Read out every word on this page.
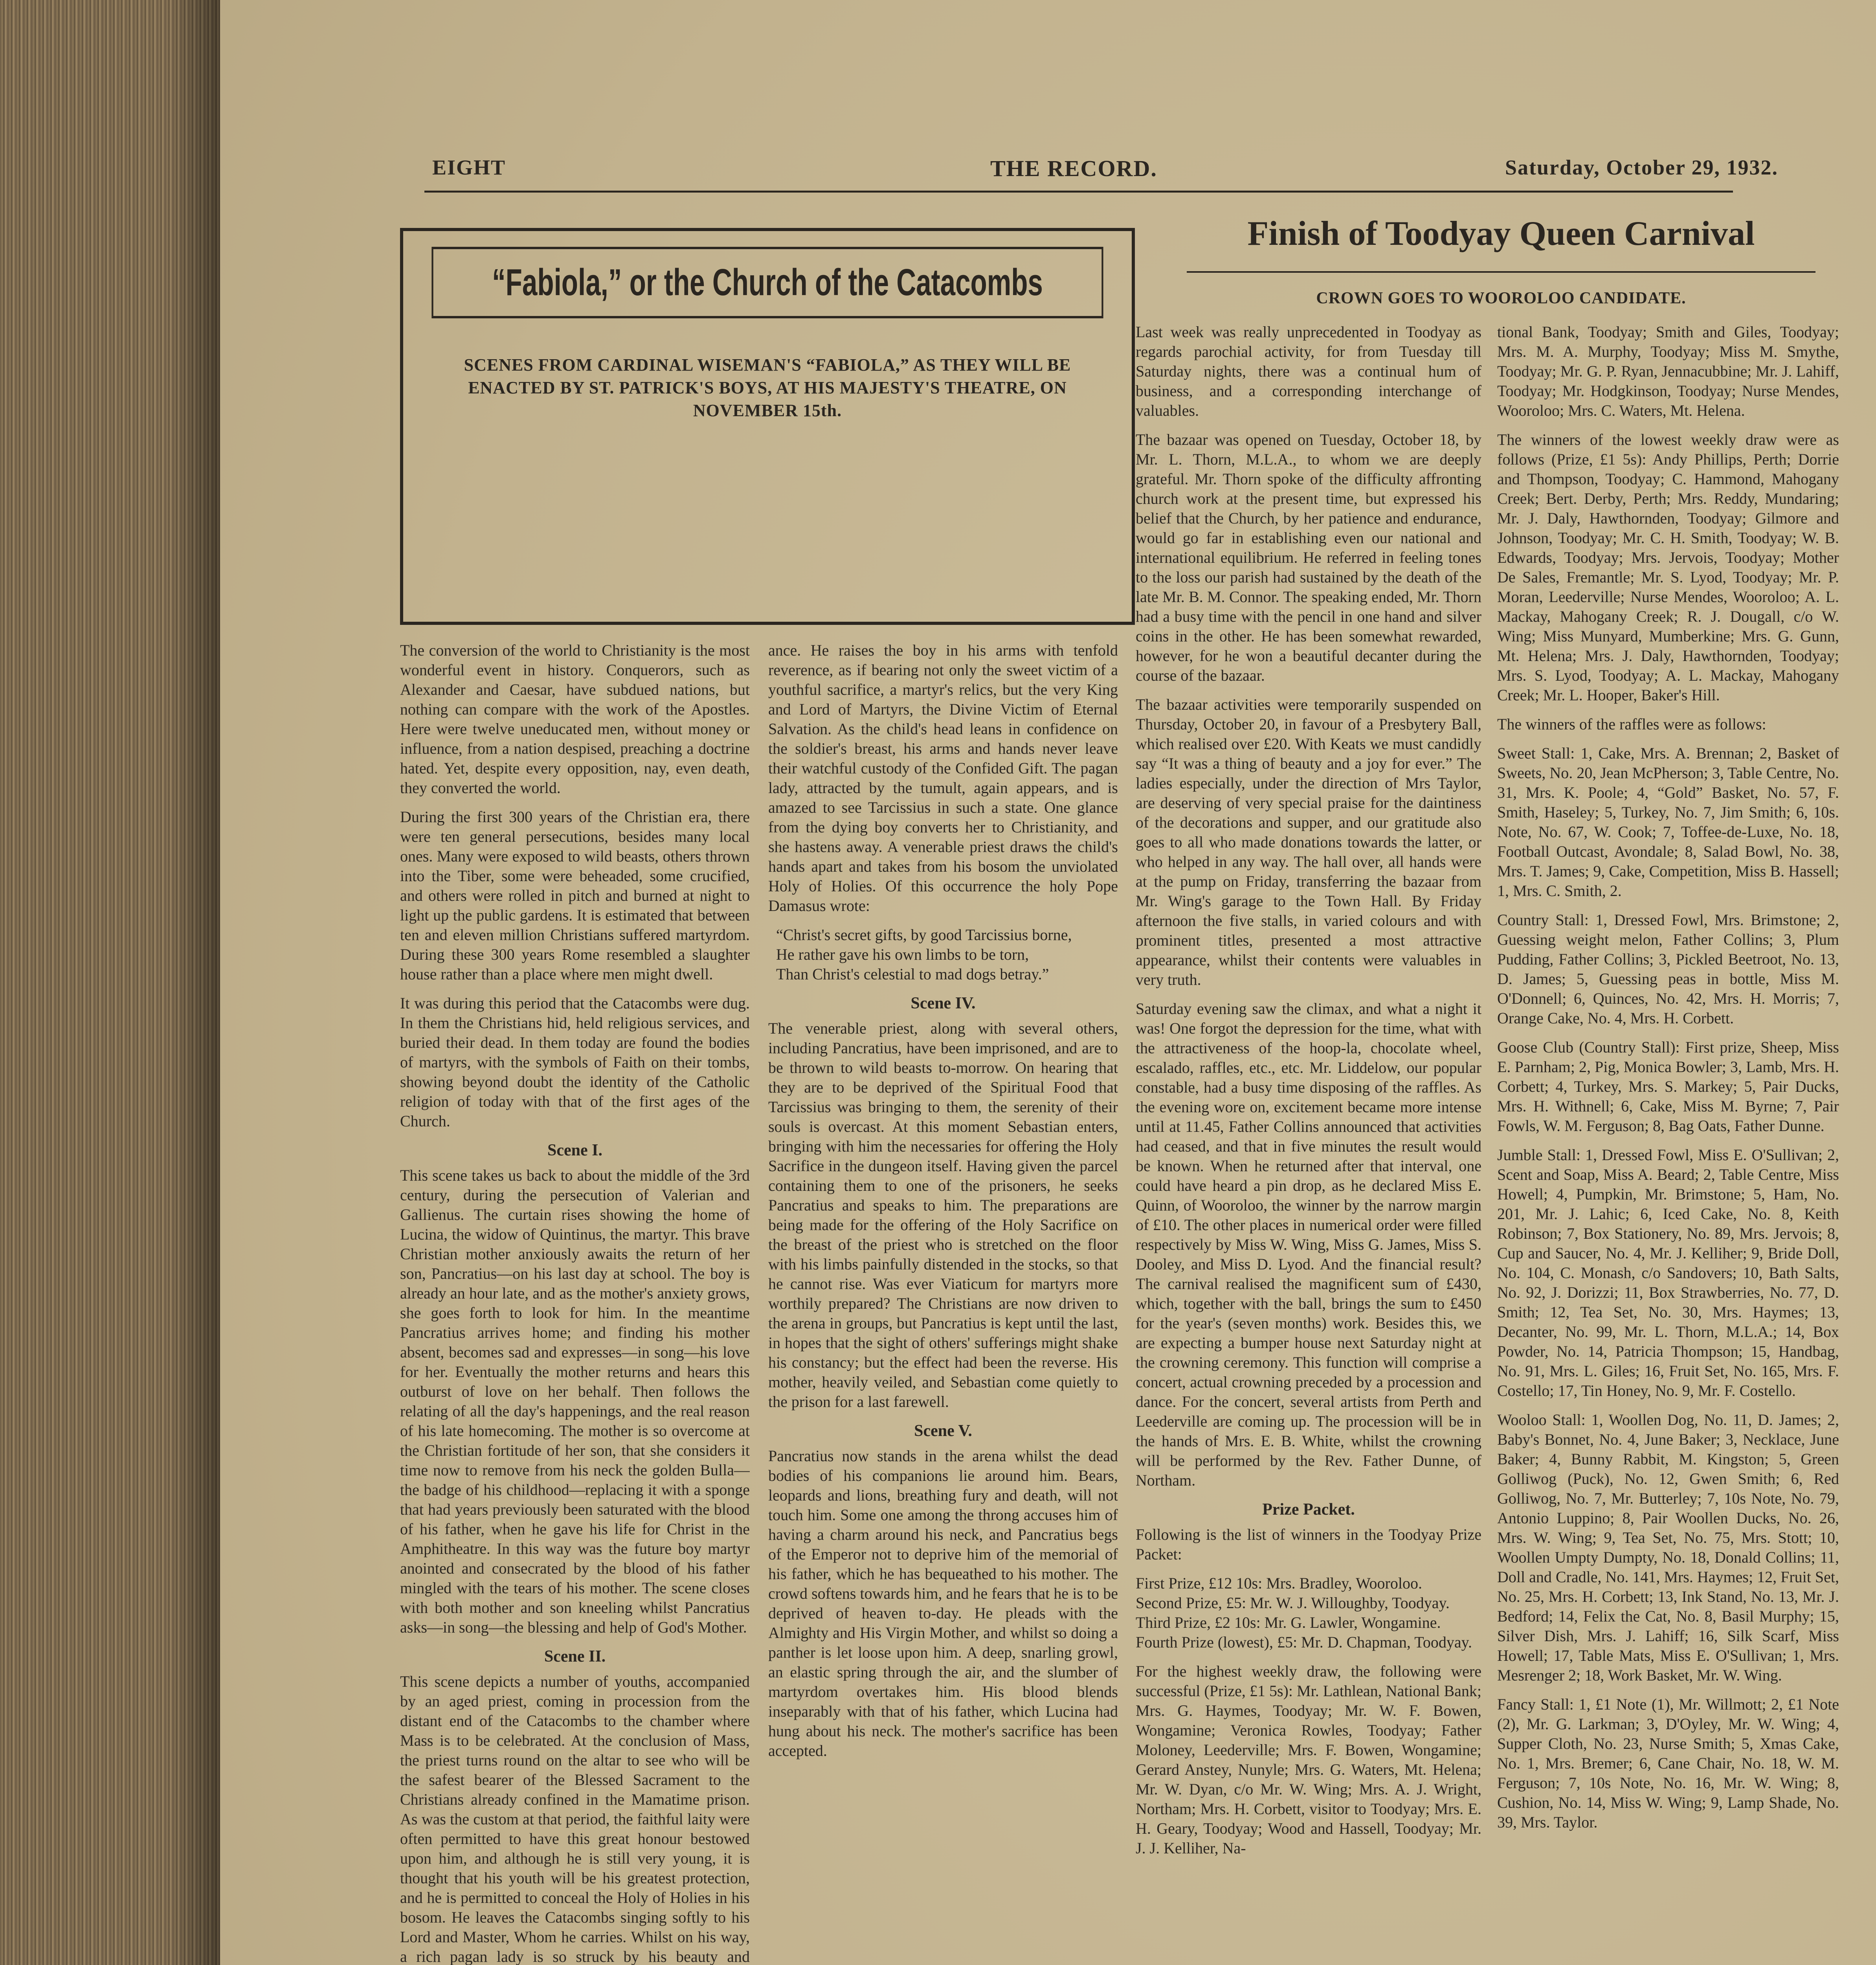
EIGHT	THE RECORD.	Saturday, October 29, 1932.
“Fabiola,” or the Church of the Catacombs
SCENES FROM CARDINAL WISEMAN'S “FABIOLA,” AS THEY WILL BE ENACTED BY ST. PATRICK'S BOYS, AT HIS MAJESTY'S THEATRE, ON NOVEMBER 15th.

The conversion of the world to Christianity is the most wonderful event in history. Conquerors, such as Alexander and Caesar, have subdued nations, but nothing can compare with the work of the Apostles. Here were twelve uneducated men, without money or influence, from a nation despised, preaching a doctrine hated. Yet, despite every opposition, nay, even death, they converted the world.

During the first 300 years of the Christian era, there were ten general persecutions, besides many local ones. Many were exposed to wild beasts, others thrown into the Tiber, some were beheaded, some crucified, and others were rolled in pitch and burned at night to light up the public gardens. It is estimated that between ten and eleven million Christians suffered martyrdom. During these 300 years Rome resembled a slaughter house rather than a place where men might dwell.

It was during this period that the Catacombs were dug. In them the Christians hid, held religious services, and buried their dead. In them today are found the bodies of martyrs, with the symbols of Faith on their tombs, showing beyond doubt the identity of the Catholic religion of today with that of the first ages of the Church.

Scene I.

This scene takes us back to about the middle of the 3rd century, during the persecution of Valerian and Gallienus. The curtain rises showing the home of Lucina, the widow of Quintinus, the martyr. This brave Christian mother anxiously awaits the return of her son, Pancratius—on his last day at school. The boy is already an hour late, and as the mother's anxiety grows, she goes forth to look for him. In the meantime Pancratius arrives home; and finding his mother absent, becomes sad and expresses—in song—his love for her. Eventually the mother returns and hears this outburst of love on her behalf. Then follows the relating of all the day's happenings, and the real reason of his late homecoming. The mother is so overcome at the Christian fortitude of her son, that she considers it time now to remove from his neck the golden Bulla—the badge of his childhood—replacing it with a sponge that had years previously been saturated with the blood of his father, when he gave his life for Christ in the Amphitheatre. In this way was the future boy martyr anointed and consecrated by the blood of his father mingled with the tears of his mother. The scene closes with both mother and son kneeling whilst Pancratius asks—in song—the blessing and help of God's Mother.

Scene II.

This scene depicts a number of youths, accompanied by an aged priest, coming in procession from the distant end of the Catacombs to the chamber where Mass is to be celebrated. At the conclusion of Mass, the priest turns round on the altar to see who will be the safest bearer of the Blessed Sacrament to the Christians already confined in the Mamatime prison. As was the custom at that period, the faithful laity were often permitted to have this great honour bestowed upon him, and although he is still very young, it is thought that his youth will be his greatest protection, and he is permitted to conceal the Holy of Holies in his bosom. He leaves the Catacombs singing softly to his Lord and Master, Whom he carries. Whilst on his way, a rich pagan lady is so struck by his beauty and

ance. He raises the boy in his arms with tenfold reverence, as if bearing not only the sweet victim of a youthful sacrifice, a martyr's relics, but the very King and Lord of Martyrs, the Divine Victim of Eternal Salvation. As the child's head leans in confidence on the soldier's breast, his arms and hands never leave their watchful custody of the Confided Gift. The pagan lady, attracted by the tumult, again appears, and is amazed to see Tarcissius in such a state. One glance from the dying boy converts her to Christianity, and she hastens away. A venerable priest draws the child's hands apart and takes from his bosom the unviolated Holy of Holies. Of this occurrence the holy Pope Damasus wrote:

“Christ's secret gifts, by good Tarcissius borne,
He rather gave his own limbs to be torn,
Than Christ's celestial to mad dogs betray.”
Scene IV.

The venerable priest, along with several others, including Pancratius, have been imprisoned, and are to be thrown to wild beasts to-morrow. On hearing that they are to be deprived of the Spiritual Food that Tarcissius was bringing to them, the serenity of their souls is overcast. At this moment Sebastian enters, bringing with him the necessaries for offering the Holy Sacrifice in the dungeon itself. Having given the parcel containing them to one of the prisoners, he seeks Pancratius and speaks to him. The preparations are being made for the offering of the Holy Sacrifice on the breast of the priest who is stretched on the floor with his limbs painfully distended in the stocks, so that he cannot rise. Was ever Viaticum for martyrs more worthily prepared? The Christians are now driven to the arena in groups, but Pancratius is kept until the last, in hopes that the sight of others' sufferings might shake his constancy; but the effect had been the reverse. His mother, heavily veiled, and Sebastian come quietly to the prison for a last farewell.

Scene V.

Pancratius now stands in the arena whilst the dead bodies of his companions lie around him. Bears, leopards and lions, breathing fury and death, will not touch him. Some one among the throng accuses him of having a charm around his neck, and Pancratius begs of the Emperor not to deprive him of the memorial of his father, which he has bequeathed to his mother. The crowd softens towards him, and he fears that he is to be deprived of heaven to-day. He pleads with the Almighty and His Virgin Mother, and whilst so doing a panther is let loose upon him. A deep, snarling growl, an elastic spring through the air, and the slumber of martyrdom overtakes him. His blood blends inseparably with that of his father, which Lucina had hung about his neck. The mother's sacrifice has been accepted.

Finish of Toodyay Queen Carnival
CROWN GOES TO WOOROLOO CANDIDATE.

Last week was really unprecedented in Toodyay as regards parochial activity, for from Tuesday till Saturday nights, there was a continual hum of business, and a corresponding interchange of valuables.

The bazaar was opened on Tuesday, October 18, by Mr. L. Thorn, M.L.A., to whom we are deeply grateful. Mr. Thorn spoke of the difficulty affronting church work at the present time, but expressed his belief that the Church, by her patience and endurance, would go far in establishing even our national and international equilibrium. He referred in feeling tones to the loss our parish had sustained by the death of the late Mr. B. M. Connor. The speaking ended, Mr. Thorn had a busy time with the pencil in one hand and silver coins in the other. He has been somewhat rewarded, however, for he won a beautiful decanter during the course of the bazaar.

The bazaar activities were temporarily suspended on Thursday, October 20, in favour of a Presbytery Ball, which realised over £20. With Keats we must candidly say “It was a thing of beauty and a joy for ever.” The ladies especially, under the direction of Mrs Taylor, are deserving of very special praise for the daintiness of the decorations and supper, and our gratitude also goes to all who made donations towards the latter, or who helped in any way. The hall over, all hands were at the pump on Friday, transferring the bazaar from Mr. Wing's garage to the Town Hall. By Friday afternoon the five stalls, in varied colours and with prominent titles, presented a most attractive appearance, whilst their contents were valuables in very truth.

Saturday evening saw the climax, and what a night it was! One forgot the depression for the time, what with the attractiveness of the hoop-la, chocolate wheel, escalado, raffles, etc., etc. Mr. Liddelow, our popular constable, had a busy time disposing of the raffles. As the evening wore on, excitement became more intense until at 11.45, Father Collins announced that activities had ceased, and that in five minutes the result would be known. When he returned after that interval, one could have heard a pin drop, as he declared Miss E. Quinn, of Wooroloo, the winner by the narrow margin of £10. The other places in numerical order were filled respectively by Miss W. Wing, Miss G. James, Miss S. Dooley, and Miss D. Lyod. And the financial result? The carnival realised the magnificent sum of £430, which, together with the ball, brings the sum to £450 for the year's (seven months) work. Besides this, we are expecting a bumper house next Saturday night at the crowning ceremony. This function will comprise a concert, actual crowning preceded by a procession and dance. For the concert, several artists from Perth and Leederville are coming up. The procession will be in the hands of Mrs. E. B. White, whilst the crowning will be performed by the Rev. Father Dunne, of Northam.

Prize Packet.

Following is the list of winners in the Toodyay Prize Packet:

First Prize, £12 10s: Mrs. Bradley, Wooroloo.
Second Prize, £5: Mr. W. J. Willoughby, Toodyay.
Third Prize, £2 10s: Mr. G. Lawler, Wongamine.
Fourth Prize (lowest), £5: Mr. D. Chapman, Toodyay.

For the highest weekly draw, the following were successful (Prize, £1 5s): Mr. Lathlean, National Bank; Mrs. G. Haymes, Toodyay; Mr. W. F. Bowen, Wongamine; Veronica Rowles, Toodyay; Father Moloney, Leederville; Mrs. F. Bowen, Wongamine; Gerard Anstey, Nunyle; Mrs. G. Waters, Mt. Helena; Mr. W. Dyan, c/o Mr. W. Wing; Mrs. A. J. Wright, Northam; Mrs. H. Corbett, visitor to Toodyay; Mrs. E. H. Geary, Toodyay; Wood and Hassell, Toodyay; Mr. J. J. Kelliher, Na-

tional Bank, Toodyay; Smith and Giles, Toodyay; Mrs. M. A. Murphy, Toodyay; Miss M. Smythe, Toodyay; Mr. G. P. Ryan, Jennacubbine; Mr. J. Lahiff, Toodyay; Mr. Hodgkinson, Toodyay; Nurse Mendes, Wooroloo; Mrs. C. Waters, Mt. Helena.

The winners of the lowest weekly draw were as follows (Prize, £1 5s): Andy Phillips, Perth; Dorrie and Thompson, Toodyay; C. Hammond, Mahogany Creek; Bert. Derby, Perth; Mrs. Reddy, Mundaring; Mr. J. Daly, Hawthornden, Toodyay; Gilmore and Johnson, Toodyay; Mr. C. H. Smith, Toodyay; W. B. Edwards, Toodyay; Mrs. Jervois, Toodyay; Mother De Sales, Fremantle; Mr. S. Lyod, Toodyay; Mr. P. Moran, Leederville; Nurse Mendes, Wooroloo; A. L. Mackay, Mahogany Creek; R. J. Dougall, c/o W. Wing; Miss Munyard, Mumberkine; Mrs. G. Gunn, Mt. Helena; Mrs. J. Daly, Hawthornden, Toodyay; Mrs. S. Lyod, Toodyay; A. L. Mackay, Mahogany Creek; Mr. L. Hooper, Baker's Hill.

The winners of the raffles were as follows:

Sweet Stall: 1, Cake, Mrs. A. Brennan; 2, Basket of Sweets, No. 20, Jean McPherson; 3, Table Centre, No. 31, Mrs. K. Poole; 4, “Gold” Basket, No. 57, F. Smith, Haseley; 5, Turkey, No. 7, Jim Smith; 6, 10s. Note, No. 67, W. Cook; 7, Toffee-de-Luxe, No. 18, Football Outcast, Avondale; 8, Salad Bowl, No. 38, Mrs. T. James; 9, Cake, Competition, Miss B. Hassell; 1, Mrs. C. Smith, 2.

Country Stall: 1, Dressed Fowl, Mrs. Brimstone; 2, Guessing weight melon, Father Collins; 3, Plum Pudding, Father Collins; 3, Pickled Beetroot, No. 13, D. James; 5, Guessing peas in bottle, Miss M. O'Donnell; 6, Quinces, No. 42, Mrs. H. Morris; 7, Orange Cake, No. 4, Mrs. H. Corbett.

Goose Club (Country Stall): First prize, Sheep, Miss E. Parnham; 2, Pig, Monica Bowler; 3, Lamb, Mrs. H. Corbett; 4, Turkey, Mrs. S. Markey; 5, Pair Ducks, Mrs. H. Withnell; 6, Cake, Miss M. Byrne; 7, Pair Fowls, W. M. Ferguson; 8, Bag Oats, Father Dunne.

Jumble Stall: 1, Dressed Fowl, Miss E. O'Sullivan; 2, Scent and Soap, Miss A. Beard; 2, Table Centre, Miss Howell; 4, Pumpkin, Mr. Brimstone; 5, Ham, No. 201, Mr. J. Lahic; 6, Iced Cake, No. 8, Keith Robinson; 7, Box Stationery, No. 89, Mrs. Jervois; 8, Cup and Saucer, No. 4, Mr. J. Kelliher; 9, Bride Doll, No. 104, C. Monash, c/o Sandovers; 10, Bath Salts, No. 92, J. Dorizzi; 11, Box Strawberries, No. 77, D. Smith; 12, Tea Set, No. 30, Mrs. Haymes; 13, Decanter, No. 99, Mr. L. Thorn, M.L.A.; 14, Box Powder, No. 14, Patricia Thompson; 15, Handbag, No. 91, Mrs. L. Giles; 16, Fruit Set, No. 165, Mrs. F. Costello; 17, Tin Honey, No. 9, Mr. F. Costello.

Wooloo Stall: 1, Woollen Dog, No. 11, D. James; 2, Baby's Bonnet, No. 4, June Baker; 3, Necklace, June Baker; 4, Bunny Rabbit, M. Kingston; 5, Green Golliwog (Puck), No. 12, Gwen Smith; 6, Red Golliwog, No. 7, Mr. Butterley; 7, 10s Note, No. 79, Antonio Luppino; 8, Pair Woollen Ducks, No. 26, Mrs. W. Wing; 9, Tea Set, No. 75, Mrs. Stott; 10, Woollen Umpty Dumpty, No. 18, Donald Collins; 11, Doll and Cradle, No. 141, Mrs. Haymes; 12, Fruit Set, No. 25, Mrs. H. Corbett; 13, Ink Stand, No. 13, Mr. J. Bedford; 14, Felix the Cat, No. 8, Basil Murphy; 15, Silver Dish, Mrs. J. Lahiff; 16, Silk Scarf, Miss Howell; 17, Table Mats, Miss E. O'Sullivan; 1, Mrs. Mesrenger 2; 18, Work Basket, Mr. W. Wing.

Fancy Stall: 1, £1 Note (1), Mr. Willmott; 2, £1 Note (2), Mr. G. Larkman; 3, D'Oyley, Mr. W. Wing; 4, Supper Cloth, No. 23, Nurse Smith; 5, Xmas Cake, No. 1, Mrs. Bremer; 6, Cane Chair, No. 18, W. M. Ferguson; 7, 10s Note, No. 16, Mr. W. Wing; 8, Cushion, No. 14, Miss W. Wing; 9, Lamp Shade, No. 39, Mrs. Taylor.
